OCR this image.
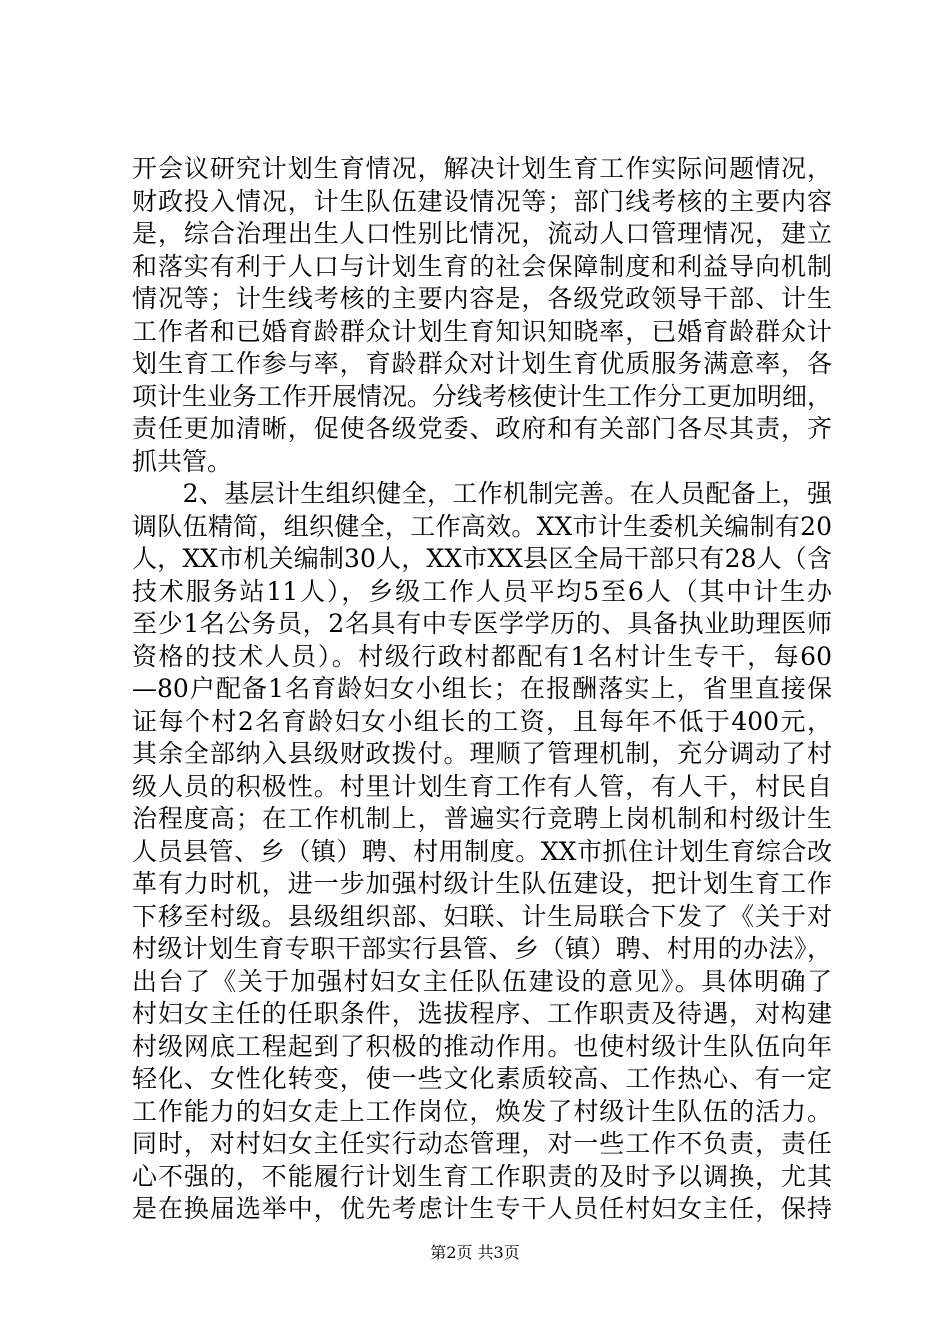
开会议研究计划生育情况，解决计划生育工作实际问题情况，
财政投入情况，计生队伍建设情况等；部门线考核的主要内容
是，综合治理出生人口性别比情况，流动人口管理情况，建立
和落实有利于人口与计划生育的社会保障制度和利益导向机制
情况等；计生线考核的主要内容是，各级党政领导干部、计生
工作者和已婚育龄群众计划生育知识知晓率，已婚育龄群众计
划生育工作参与率，育龄群众对计划生育优质服务满意率，各
项计生业务工作开展情况。分线考核使计生工作分工更加明细，
责任更加清晰，促使各级党委、政府和有关部门各尽其责，齐
抓共管。
　　2、基层计生组织健全，工作机制完善。在人员配备上，强
调队伍精简，组织健全，工作高效。XX市计生委机关编制有20
人，XX市机关编制30人，XX市XX县区全局干部只有28人（含
技术服务站11人），乡级工作人员平均5至6人（其中计生办
至少1名公务员，2名具有中专医学学历的、具备执业助理医师
资格的技术人员）。村级行政村都配有1名村计生专干，每60
—80户配备1名育龄妇女小组长；在报酬落实上，省里直接保
证每个村2名育龄妇女小组长的工资，且每年不低于400元，
其余全部纳入县级财政拨付。理顺了管理机制，充分调动了村
级人员的积极性。村里计划生育工作有人管，有人干，村民自
治程度高；在工作机制上，普遍实行竞聘上岗机制和村级计生
人员县管、乡（镇）聘、村用制度。XX市抓住计划生育综合改
革有力时机，进一步加强村级计生队伍建设，把计划生育工作
下移至村级。县级组织部、妇联、计生局联合下发了《关于对
村级计划生育专职干部实行县管、乡（镇）聘、村用的办法》，
出台了《关于加强村妇女主任队伍建设的意见》。具体明确了
村妇女主任的任职条件，选拔程序、工作职责及待遇，对构建
村级网底工程起到了积极的推动作用。也使村级计生队伍向年
轻化、女性化转变，使一些文化素质较高、工作热心、有一定
工作能力的妇女走上工作岗位，焕发了村级计生队伍的活力。
同时，对村妇女主任实行动态管理，对一些工作不负责，责任
心不强的，不能履行计划生育工作职责的及时予以调换，尤其
是在换届选举中，优先考虑计生专干人员任村妇女主任，保持
第2页 共3页
